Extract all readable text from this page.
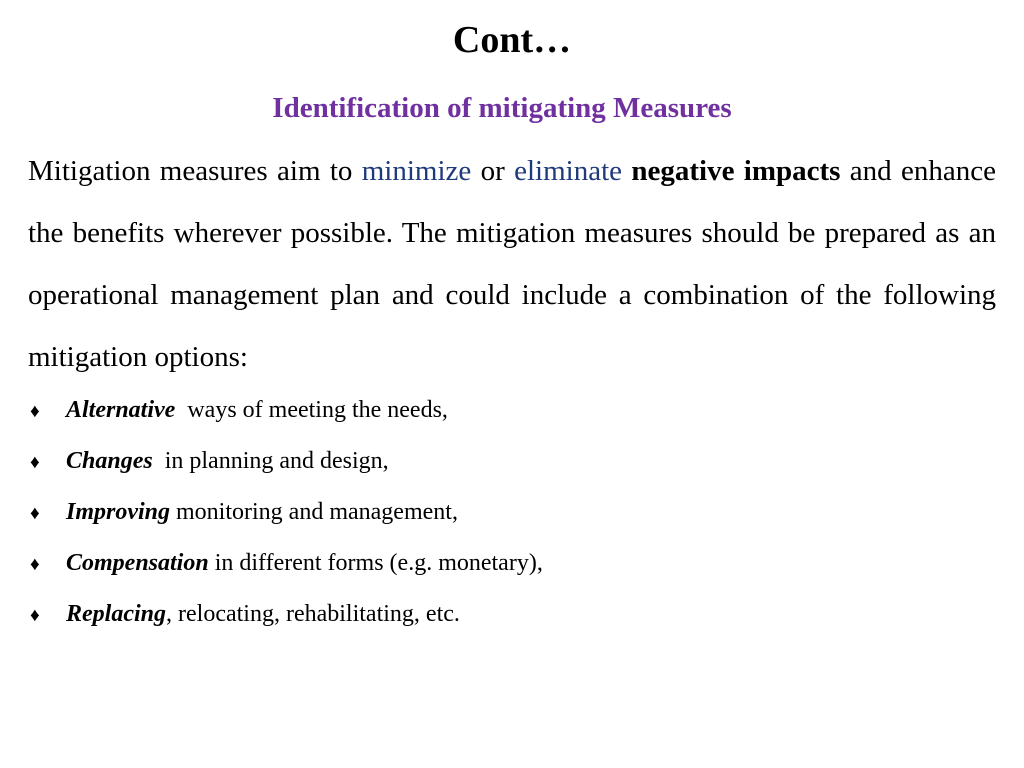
Cont…
Identification of mitigating Measures
Mitigation measures aim to minimize or eliminate negative impacts and enhance the benefits wherever possible. The mitigation measures should be prepared as an operational management plan and could include a combination of the following mitigation options:
♦ Alternative  ways of meeting the needs,
♦ Changes  in planning and design,
♦ Improving monitoring and management,
♦ Compensation in different forms (e.g. monetary),
♦ Replacing, relocating, rehabilitating, etc.
